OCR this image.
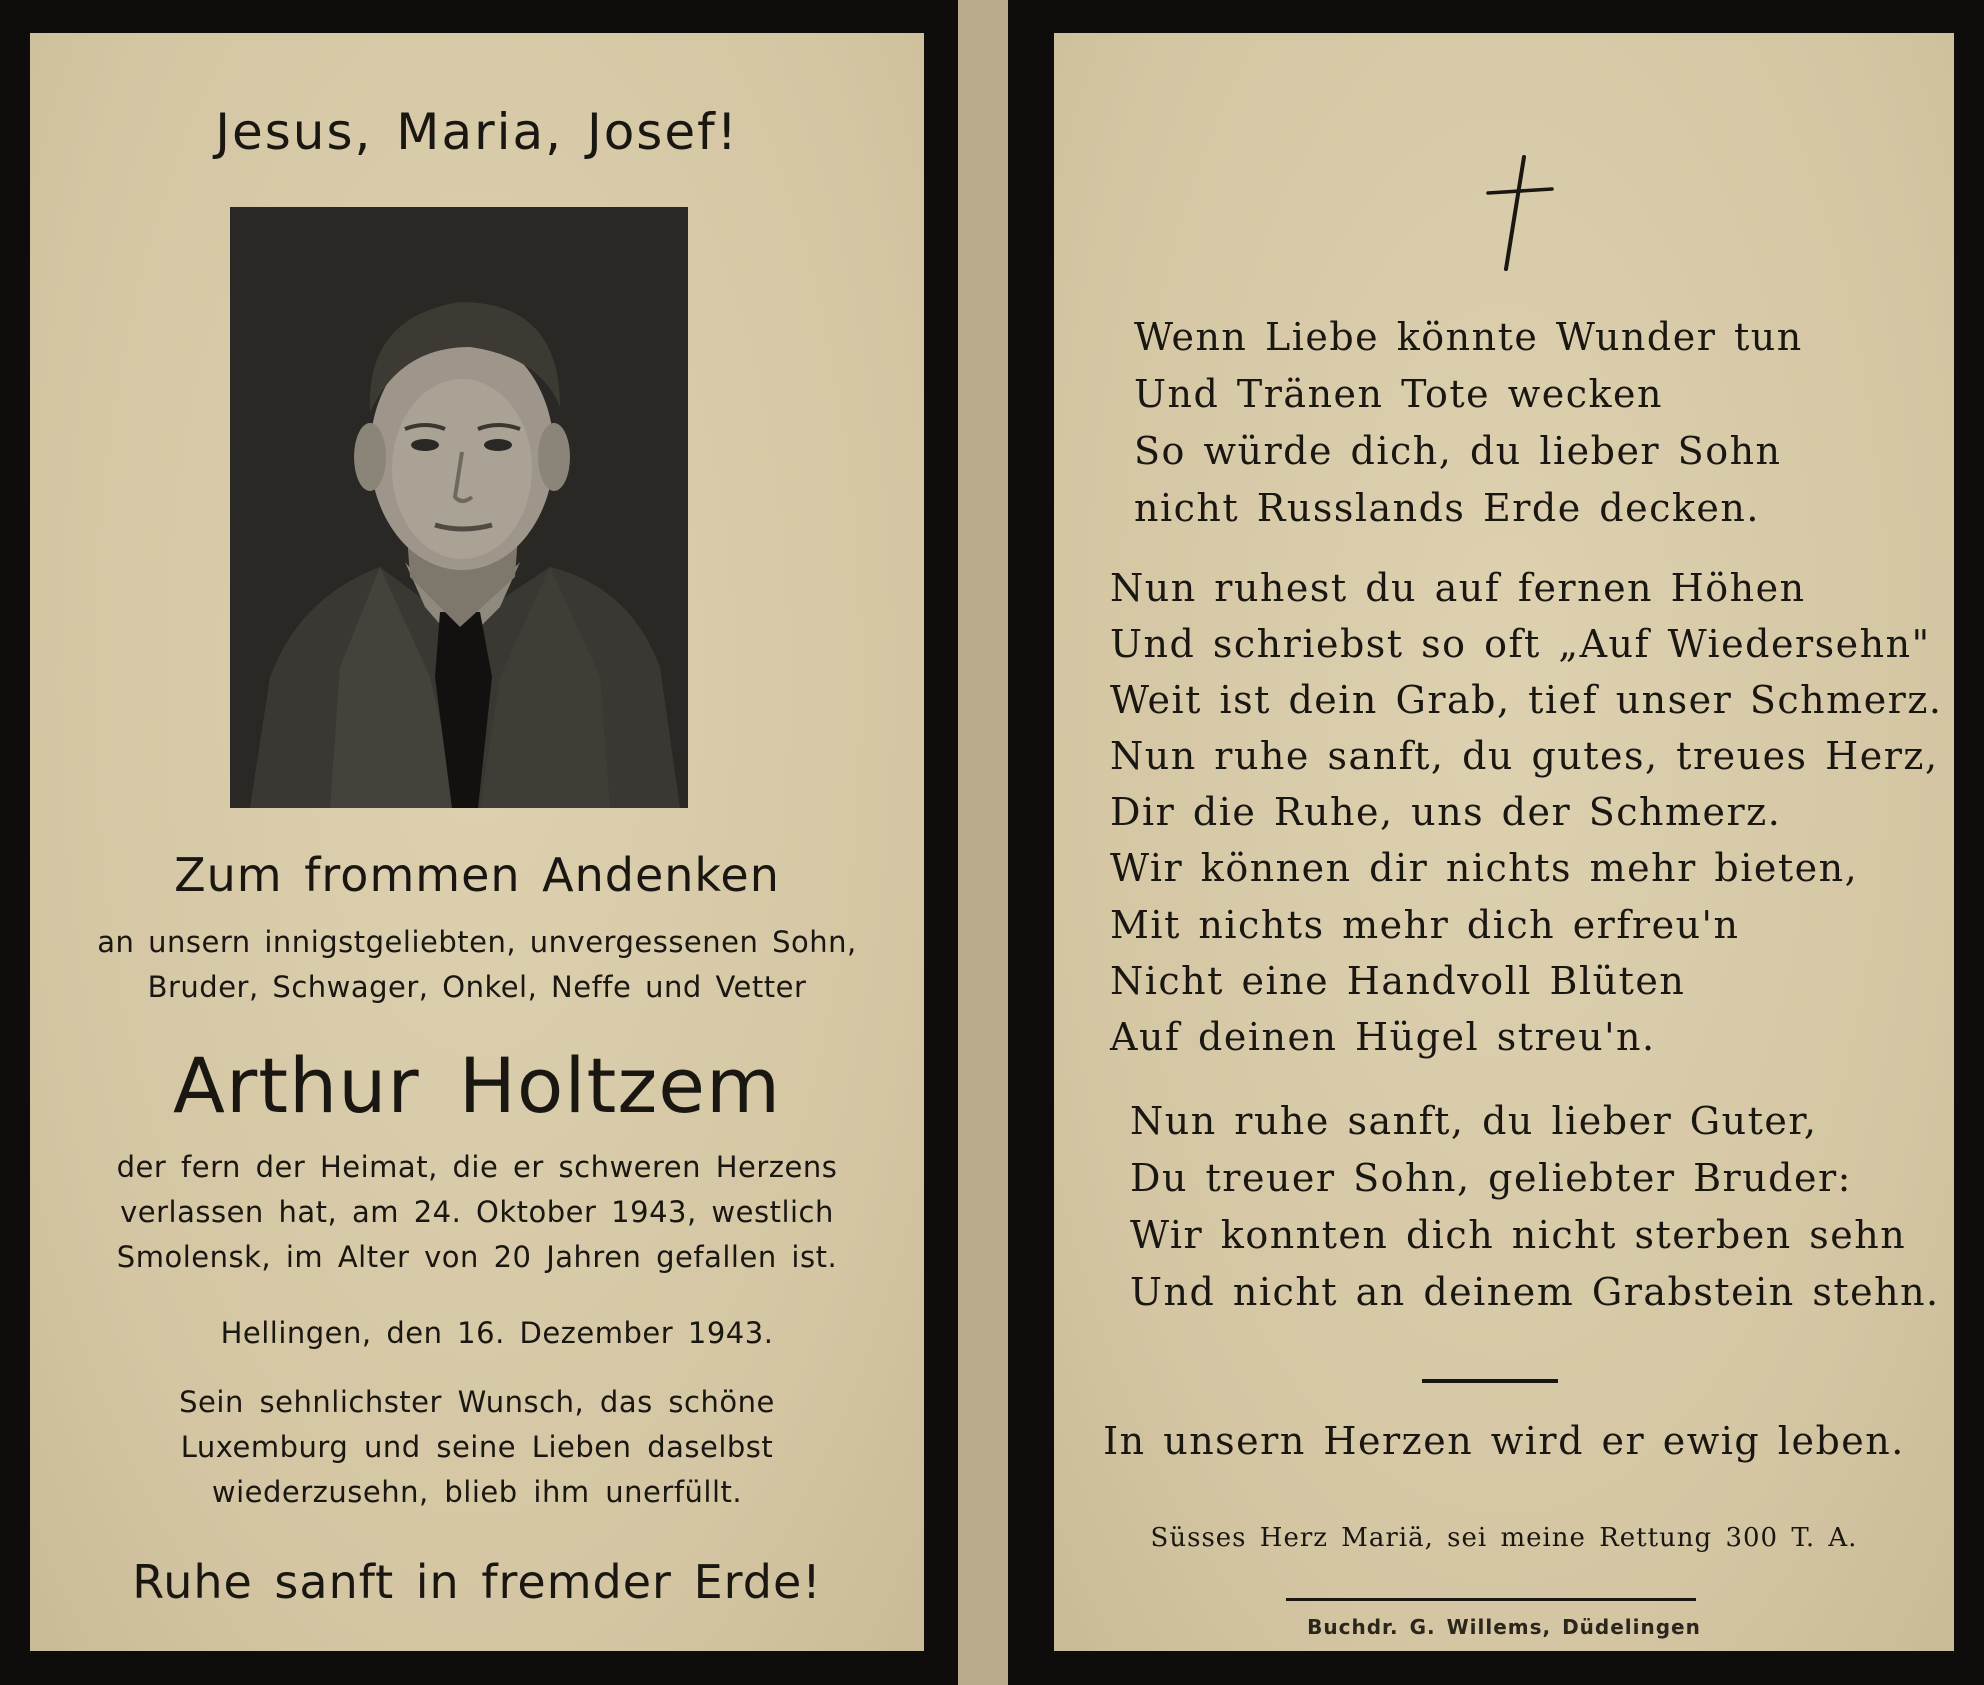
Jesus, Maria, Josef!
Zum frommen Andenken
an unsern innigstgeliebten, unvergessenen Sohn,
Bruder, Schwager, Onkel, Neffe und Vetter
Arthur Holtzem
der fern der Heimat, die er schweren Herzens
verlassen hat, am 24. Oktober 1943, westlich
Smolensk, im Alter von 20 Jahren gefallen ist.
Hellingen, den 16. Dezember 1943.
Sein sehnlichster Wunsch, das schöne
Luxemburg und seine Lieben daselbst
wiederzusehn, blieb ihm unerfüllt.
Ruhe sanft in fremder Erde!
Wenn Liebe könnte Wunder tun
Und Tränen Tote wecken
So würde dich, du lieber Sohn
nicht Russlands Erde decken.
Nun ruhest du auf fernen Höhen
Und schriebst so oft „Auf Wiedersehn"
Weit ist dein Grab, tief unser Schmerz.
Nun ruhe sanft, du gutes, treues Herz,
Dir die Ruhe, uns der Schmerz.
Wir können dir nichts mehr bieten,
Mit nichts mehr dich erfreu'n
Nicht eine Handvoll Blüten
Auf deinen Hügel streu'n.
Nun ruhe sanft, du lieber Guter,
Du treuer Sohn, geliebter Bruder:
Wir konnten dich nicht sterben sehn
Und nicht an deinem Grabstein stehn.
In unsern Herzen wird er ewig leben.
Süsses Herz Mariä, sei meine Rettung 300 T. A.
Buchdr. G. Willems, Düdelingen
